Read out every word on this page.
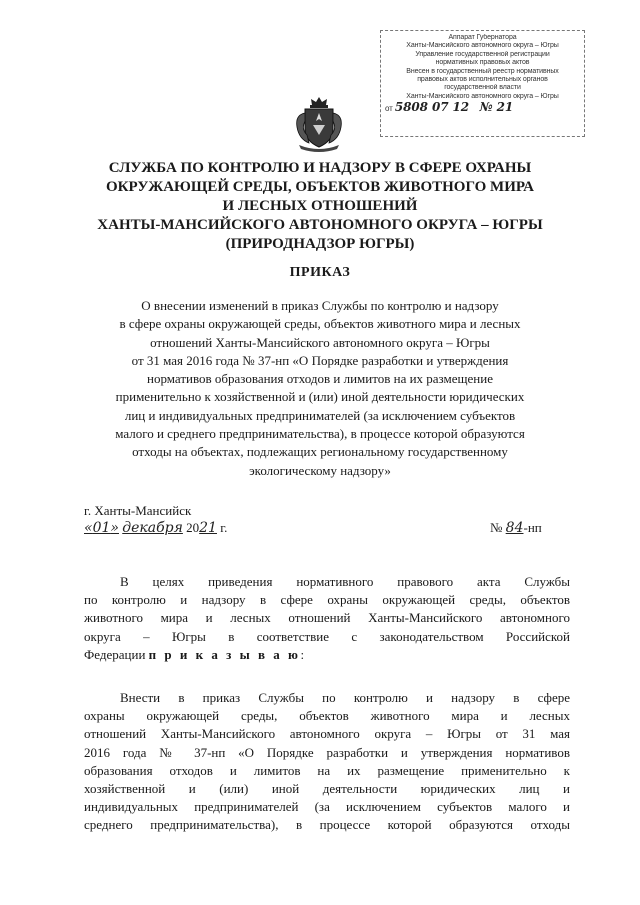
Аппарат Губернатора
Ханты-Мансийского автономного округа – Югры
Управление государственной регистрации
нормативных правовых актов
Внесен в государственный реестр нормативных
правовых актов исполнительных органов
государственной власти
Ханты-Мансийского автономного округа – Югры
от 5808 07 12 № 21
СЛУЖБА ПО КОНТРОЛЮ И НАДЗОРУ В СФЕРЕ ОХРАНЫ
ОКРУЖАЮЩЕЙ СРЕДЫ, ОБЪЕКТОВ ЖИВОТНОГО МИРА
И ЛЕСНЫХ ОТНОШЕНИЙ
ХАНТЫ-МАНСИЙСКОГО АВТОНОМНОГО ОКРУГА – ЮГРЫ
(ПРИРОДНАДЗОР ЮГРЫ)
ПРИКАЗ
О внесении изменений в приказ Службы по контролю и надзору
в сфере охраны окружающей среды, объектов животного мира и лесных
отношений Ханты-Мансийского автономного округа – Югры
от 31 мая 2016 года № 37-нп «О Порядке разработки и утверждения
нормативов образования отходов и лимитов на их размещение
применительно к хозяйственной и (или) иной деятельности юридических
лиц и индивидуальных предпринимателей (за исключением субъектов
малого и среднего предпринимательства), в процессе которой образуются
отходы на объектах, подлежащих региональному государственному
экологическому надзору»
г. Ханты-Мансийск
«01» декабря 2021 г.	№ 84-нп
В целях приведения нормативного правового акта Службы
по контролю и надзору в сфере охраны окружающей среды, объектов
животного мира и лесных отношений Ханты-Мансийского автономного
округа – Югры в соответствие с законодательством Российской
Федерации п р и к а з ы в а ю:
Внести в приказ Службы по контролю и надзору в сфере
охраны окружающей среды, объектов животного мира и лесных
отношений Ханты-Мансийского автономного округа – Югры от 31 мая
2016 года № 37-нп «О Порядке разработки и утверждения нормативов
образования отходов и лимитов на их размещение применительно к
хозяйственной и (или) иной деятельности юридических лиц и
индивидуальных предпринимателей (за исключением субъектов малого и
среднего предпринимательства), в процессе которой образуются отходы
